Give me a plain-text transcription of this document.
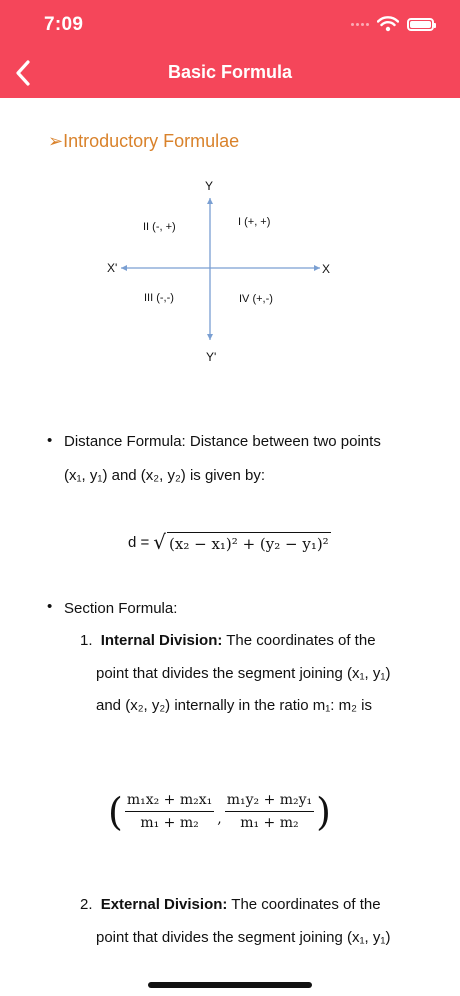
7:09
Basic Formula
➢Introductory Formulae
Y
Y'
X'	X
I (+, +)
II (-, +)
III (-,-)	IV (+,-)
• Distance Formula: Distance between two points
(x₁, y₁) and (x₂, y₂) is given by:
d = √ (x₂ − x₁)² + (y₂ − y₁)²
• Section Formula:
1. Internal Division: The coordinates of the
point that divides the segment joining (x₁, y₁)
and (x₂, y₂) internally in the ratio m₁: m₂ is
( $\frac{\text{m₁x₂ + m₂x₁}}{\text{m₁ + m₂}}$ , $\frac{\text{m₁y₂ + m₂y₁}}{\text{m₁ + m₂}}$ )
2. External Division: The coordinates of the
point that divides the segment joining (x₁, y₁)
